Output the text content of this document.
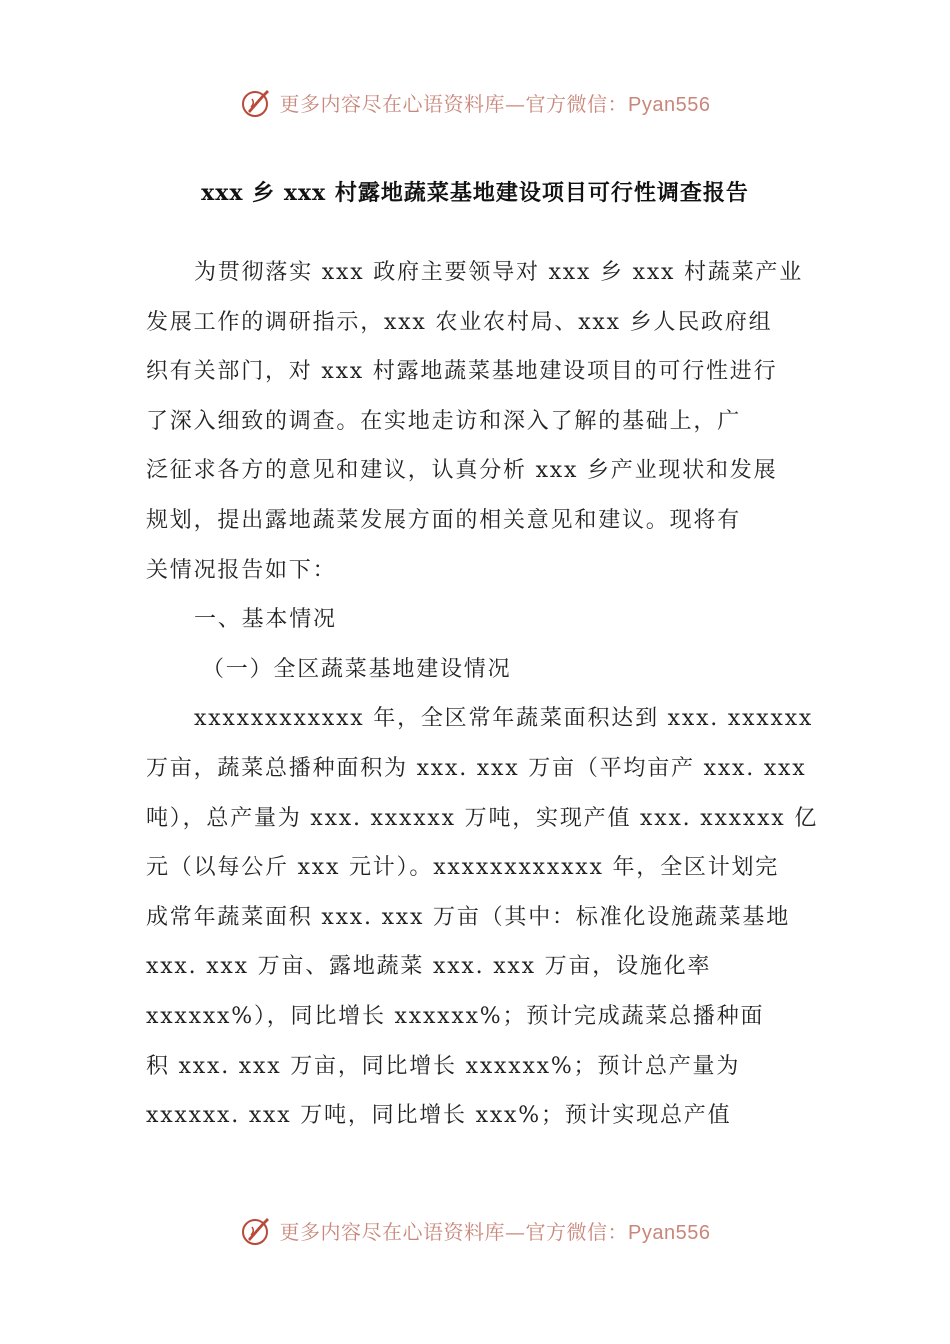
更多内容尽在心语资料库—官方微信：Pyan556
xxx 乡 xxx 村露地蔬菜基地建设项目可行性调查报告
为贯彻落实 xxx 政府主要领导对 xxx 乡 xxx 村蔬菜产业
发展工作的调研指示，xxx 农业农村局、xxx 乡人民政府组
织有关部门，对 xxx 村露地蔬菜基地建设项目的可行性进行
了深入细致的调查。在实地走访和深入了解的基础上，广
泛征求各方的意见和建议，认真分析 xxx 乡产业现状和发展
规划，提出露地蔬菜发展方面的相关意见和建议。现将有
关情况报告如下：
一、基本情况
（一）全区蔬菜基地建设情况
xxxxxxxxxxxx 年，全区常年蔬菜面积达到 xxx. xxxxxx
万亩，蔬菜总播种面积为 xxx. xxx 万亩（平均亩产 xxx. xxx
吨），总产量为 xxx. xxxxxx 万吨，实现产值 xxx. xxxxxx 亿
元（以每公斤 xxx 元计）。xxxxxxxxxxxx 年，全区计划完
成常年蔬菜面积 xxx. xxx 万亩（其中：标准化设施蔬菜基地
xxx. xxx 万亩、露地蔬菜 xxx. xxx 万亩，设施化率
xxxxxx%），同比增长 xxxxxx%；预计完成蔬菜总播种面
积 xxx. xxx 万亩，同比增长 xxxxxx%；预计总产量为
xxxxxx. xxx 万吨，同比增长 xxx%；预计实现总产值
更多内容尽在心语资料库—官方微信：Pyan556
